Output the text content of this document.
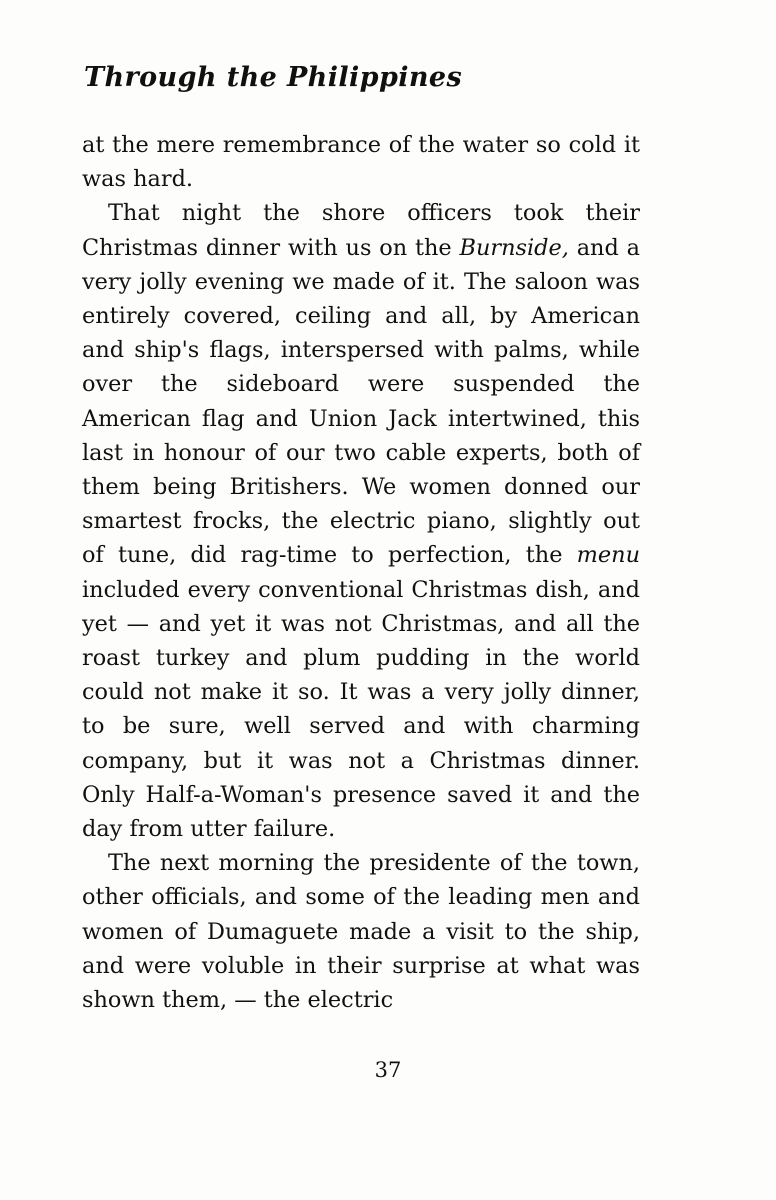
Through the Philippines

at the mere remembrance of the water so cold it was hard.

That night the shore officers took their Christmas dinner with us on the Burnside, and a very jolly evening we made of it. The saloon was entirely covered, ceiling and all, by American and ship's flags, interspersed with palms, while over the sideboard were suspended the American flag and Union Jack intertwined, this last in honour of our two cable experts, both of them being Britishers. We women donned our smartest frocks, the electric piano, slightly out of tune, did rag-time to perfection, the menu included every conventional Christmas dish, and yet — and yet it was not Christmas, and all the roast turkey and plum pudding in the world could not make it so. It was a very jolly dinner, to be sure, well served and with charming company, but it was not a Christmas dinner. Only Half-a-Woman's presence saved it and the day from utter failure.

The next morning the presidente of the town, other officials, and some of the leading men and women of Dumaguete made a visit to the ship, and were voluble in their surprise at what was shown them, — the electric

37
